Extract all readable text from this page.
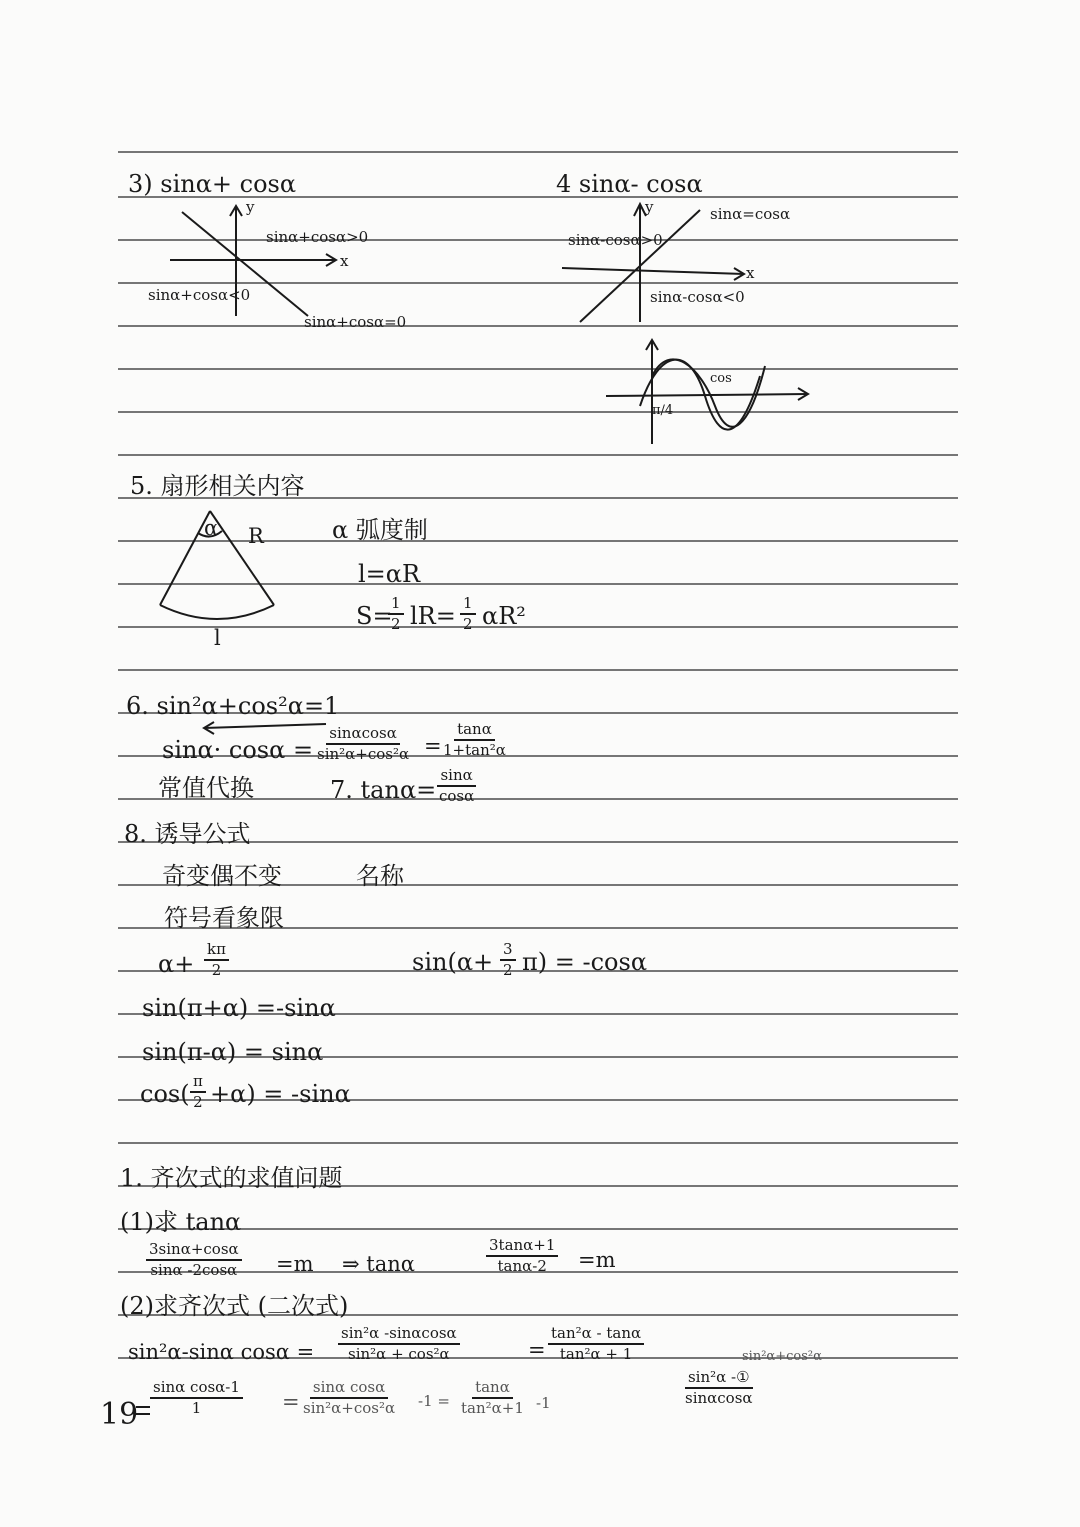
3) sinα+ cosα
y
x
sinα+cosα>0
sinα+cosα<0
sinα+cosα=0
4 sinα- cosα
y
x
sinα=cosα
sinα-cosα>0
sinα-cosα<0
cos
π/4
5. 扇形相关内容
α R
l
α 弧度制
l=αR
S=
$\frac{1}{2} lR= \frac{1}{2} \alpha R^2$
6. sin²α+cos²α=1
$\sin\alpha\cdot \cos\alpha = \frac{\sin\alpha\cos\alpha}{\text{sin²α+cos²α}}$ =
$\frac{\tan\alpha}{\text{1+tan²α}}$
常值代换	7. $\tan\alpha= \frac{\sin\alpha}{\cos\alpha}$
8. 诱导公式
奇变偶不变	名称
符号看象限
$\alpha+ \frac{k\pi}{2}$	$\sin(\alpha+ \frac{3}{2} \pi) = -\cos\alpha$
sin(π+α) =-sinα
sin(π-α) = sinα
$\cos( \frac{\pi}{2} +\alpha) = -\sin\alpha$
1. 齐次式的求值问题
(1)求 tanα
$\frac{3\sin\alpha+\cos\alpha}{\sin\alpha -2\cos\alpha} =m$ ⇒ tanα	$\frac{3\tan\alpha+1}{\tan\alpha-2} =m$
(2)求齐次式 (二次式)
sin²α-sinα $\cos\alpha = \frac{\text{sin²α -sinαcosα}}{\text{sin²α + cos²α}}$	= $\frac{\text{tan²α - tanα}}{\text{tan²α + 1}}$	sin²α+cos²α
$19 \frac{\text{sinα cosα-1}}{1} = \frac{\text{sinα cosα}}{\text{sin²α+cos²α}} -1 = \frac{\tan\alpha}{\text{tan²α+1}} -1$	$\frac{\text{sin²α -①}}{\sin\alpha\cos\alpha}$
